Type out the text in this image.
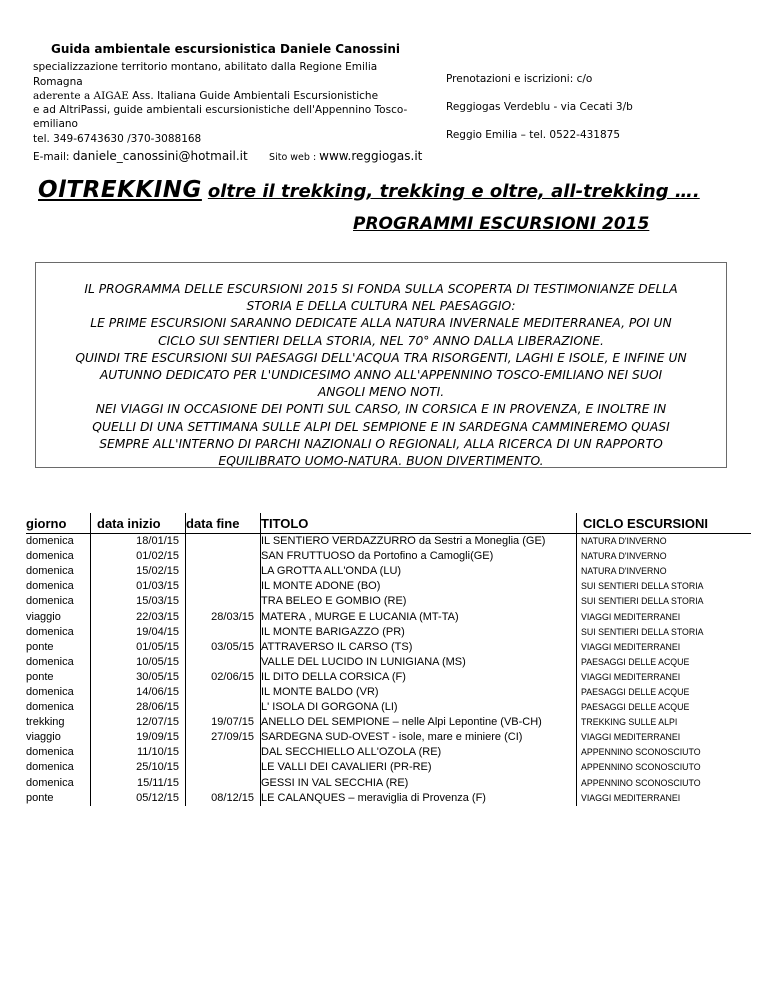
Guida ambientale escursionistica Daniele Canossini
specializzazione territorio montano, abilitato dalla Regione Emilia Romagna
aderente a AIGAE Ass. Italiana Guide Ambientali Escursionistiche
e ad AltriPassi, guide ambientali escursionistiche dell'Appennino Tosco-emiliano
tel. 349-6743630 /370-3088168
E-mail: daniele_canossini@hotmail.it Sito web : www.reggiogas.it
Prenotazioni e iscrizioni: c/o
Reggiogas Verdeblu - via Cecati 3/b
Reggio Emilia – tel. 0522-431875
OlTREKKING oltre il trekking, trekking e oltre, all-trekking ….
PROGRAMMI ESCURSIONI 2015
IL PROGRAMMA DELLE ESCURSIONI 2015 SI FONDA SULLA SCOPERTA DI TESTIMONIANZE DELLA
STORIA E DELLA CULTURA NEL PAESAGGIO:
LE PRIME ESCURSIONI SARANNO DEDICATE ALLA NATURA INVERNALE MEDITERRANEA, POI UN
CICLO SUI SENTIERI DELLA STORIA, NEL 70° ANNO DALLA LIBERAZIONE.
QUINDI TRE ESCURSIONI SUI PAESAGGI DELL'ACQUA TRA RISORGENTI, LAGHI E ISOLE, E INFINE UN
AUTUNNO DEDICATO PER L'UNDICESIMO ANNO ALL'APPENNINO TOSCO-EMILIANO NEI SUOI
ANGOLI MENO NOTI.
NEI VIAGGI IN OCCASIONE DEI PONTI SUL CARSO, IN CORSICA E IN PROVENZA, E INOLTRE IN
QUELLI DI UNA SETTIMANA SULLE ALPI DEL SEMPIONE E IN SARDEGNA CAMMINEREMO QUASI
SEMPRE ALL'INTERNO DI PARCHI NAZIONALI O REGIONALI, ALLA RICERCA DI UN RAPPORTO
EQUILIBRATO UOMO-NATURA. BUON DIVERTIMENTO.
giorno	data inizio	data fine	TITOLO	CICLO ESCURSIONI
domenica	18/01/15		IL SENTIERO VERDAZZURRO da Sestri a Moneglia (GE)	NATURA D'INVERNO
domenica	01/02/15		SAN FRUTTUOSO da Portofino a Camogli(GE)	NATURA D'INVERNO
domenica	15/02/15		LA GROTTA ALL'ONDA (LU)	NATURA D'INVERNO
domenica	01/03/15		IL MONTE ADONE (BO)	SUI SENTIERI DELLA STORIA
domenica	15/03/15		TRA BELEO E GOMBIO (RE)	SUI SENTIERI DELLA STORIA
viaggio	22/03/15	28/03/15	MATERA , MURGE E LUCANIA (MT-TA)	VIAGGI MEDITERRANEI
domenica	19/04/15		IL MONTE BARIGAZZO (PR)	SUI SENTIERI DELLA STORIA
ponte	01/05/15	03/05/15	ATTRAVERSO IL CARSO (TS)	VIAGGI MEDITERRANEI
domenica	10/05/15		VALLE DEL LUCIDO IN LUNIGIANA (MS)	PAESAGGI DELLE ACQUE
ponte	30/05/15	02/06/15	IL DITO DELLA CORSICA (F)	VIAGGI MEDITERRANEI
domenica	14/06/15		IL MONTE BALDO (VR)	PAESAGGI DELLE ACQUE
domenica	28/06/15		L' ISOLA DI GORGONA (LI)	PAESAGGI DELLE ACQUE
trekking	12/07/15	19/07/15	ANELLO DEL SEMPIONE – nelle Alpi Lepontine (VB-CH)	TREKKING SULLE ALPI
viaggio	19/09/15	27/09/15	SARDEGNA SUD-OVEST - isole, mare e miniere (CI)	VIAGGI MEDITERRANEI
domenica	11/10/15		DAL SECCHIELLO ALL'OZOLA (RE)	APPENNINO SCONOSCIUTO
domenica	25/10/15		LE VALLI DEI CAVALIERI (PR-RE)	APPENNINO SCONOSCIUTO
domenica	15/11/15		GESSI IN VAL SECCHIA (RE)	APPENNINO SCONOSCIUTO
ponte	05/12/15	08/12/15	LE CALANQUES – meraviglia di Provenza (F)	VIAGGI MEDITERRANEI
